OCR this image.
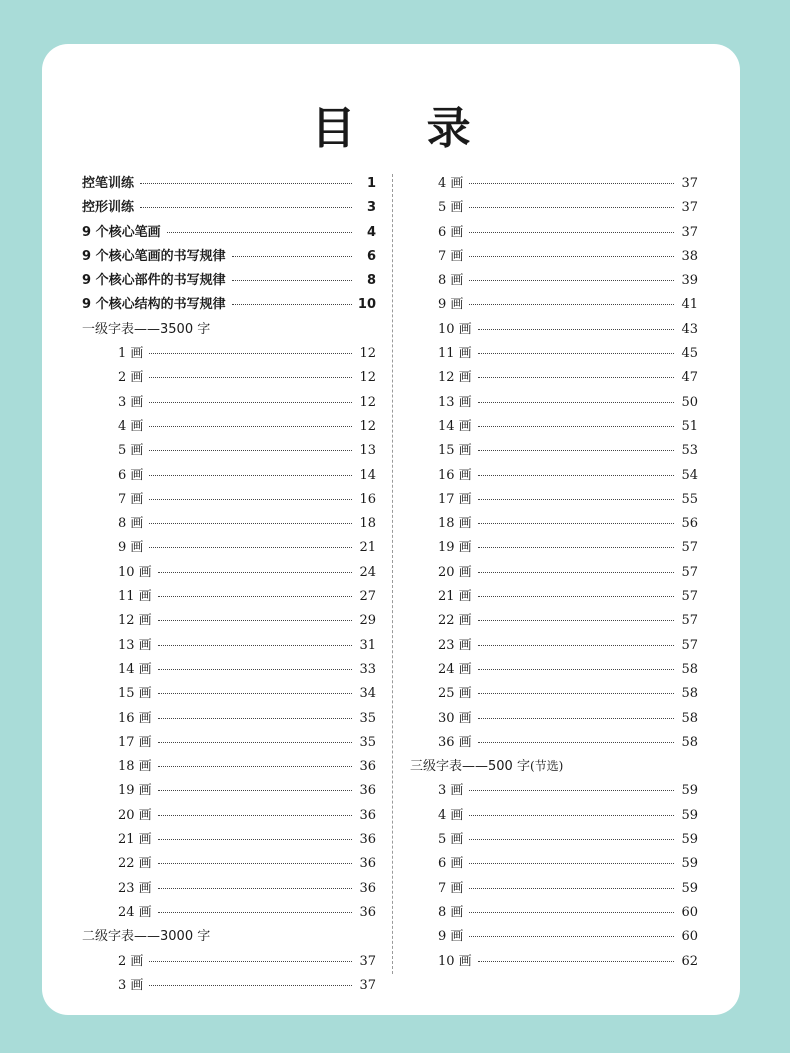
目 录
控笔训练	1
控形训练	3
9 个核心笔画	4
9 个核心笔画的书写规律	6
9 个核心部件的书写规律	8
9 个核心结构的书写规律	10
一级字表——3500 字
1 画	12
2 画	12
3 画	12
4 画	12
5 画	13
6 画	14
7 画	16
8 画	18
9 画	21
10 画	24
11 画	27
12 画	29
13 画	31
14 画	33
15 画	34
16 画	35
17 画	35
18 画	36
19 画	36
20 画	36
21 画	36
22 画	36
23 画	36
24 画	36
二级字表——3000 字
2 画	37
3 画	37
4 画	37
5 画	37
6 画	37
7 画	38
8 画	39
9 画	41
10 画	43
11 画	45
12 画	47
13 画	50
14 画	51
15 画	53
16 画	54
17 画	55
18 画	56
19 画	57
20 画	57
21 画	57
22 画	57
23 画	57
24 画	58
25 画	58
30 画	58
36 画	58
三级字表——500 字 (节选)
3 画	59
4 画	59
5 画	59
6 画	59
7 画	59
8 画	60
9 画	60
10 画	62
